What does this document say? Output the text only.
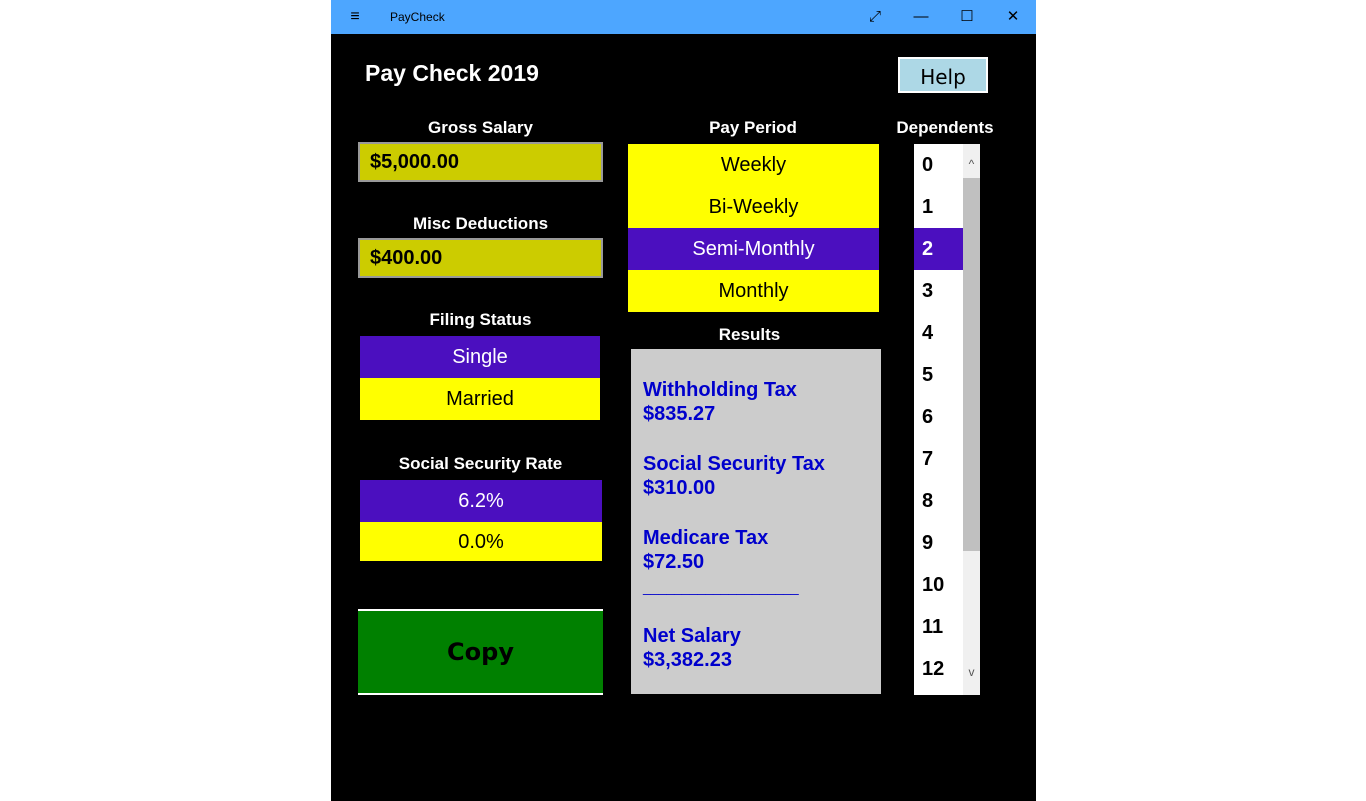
≡	PayCheck	⤢	—	☐	✕
Pay Check 2019	Help
Gross Salary
$5,000.00
Misc Deductions
$400.00
Filing Status
Single
Married
Social Security Rate
6.2%
0.0%
Copy
Pay Period
Weekly
Bi-Weekly
Semi-Monthly
Monthly
Results
Withholding Tax
$835.27
Social Security Tax
$310.00
Medicare Tax
$72.50
____________________
Net Salary
$3,382.23
Dependents
0
1
2
3
4
5
6
7
8
9
10
11
12
^
v
